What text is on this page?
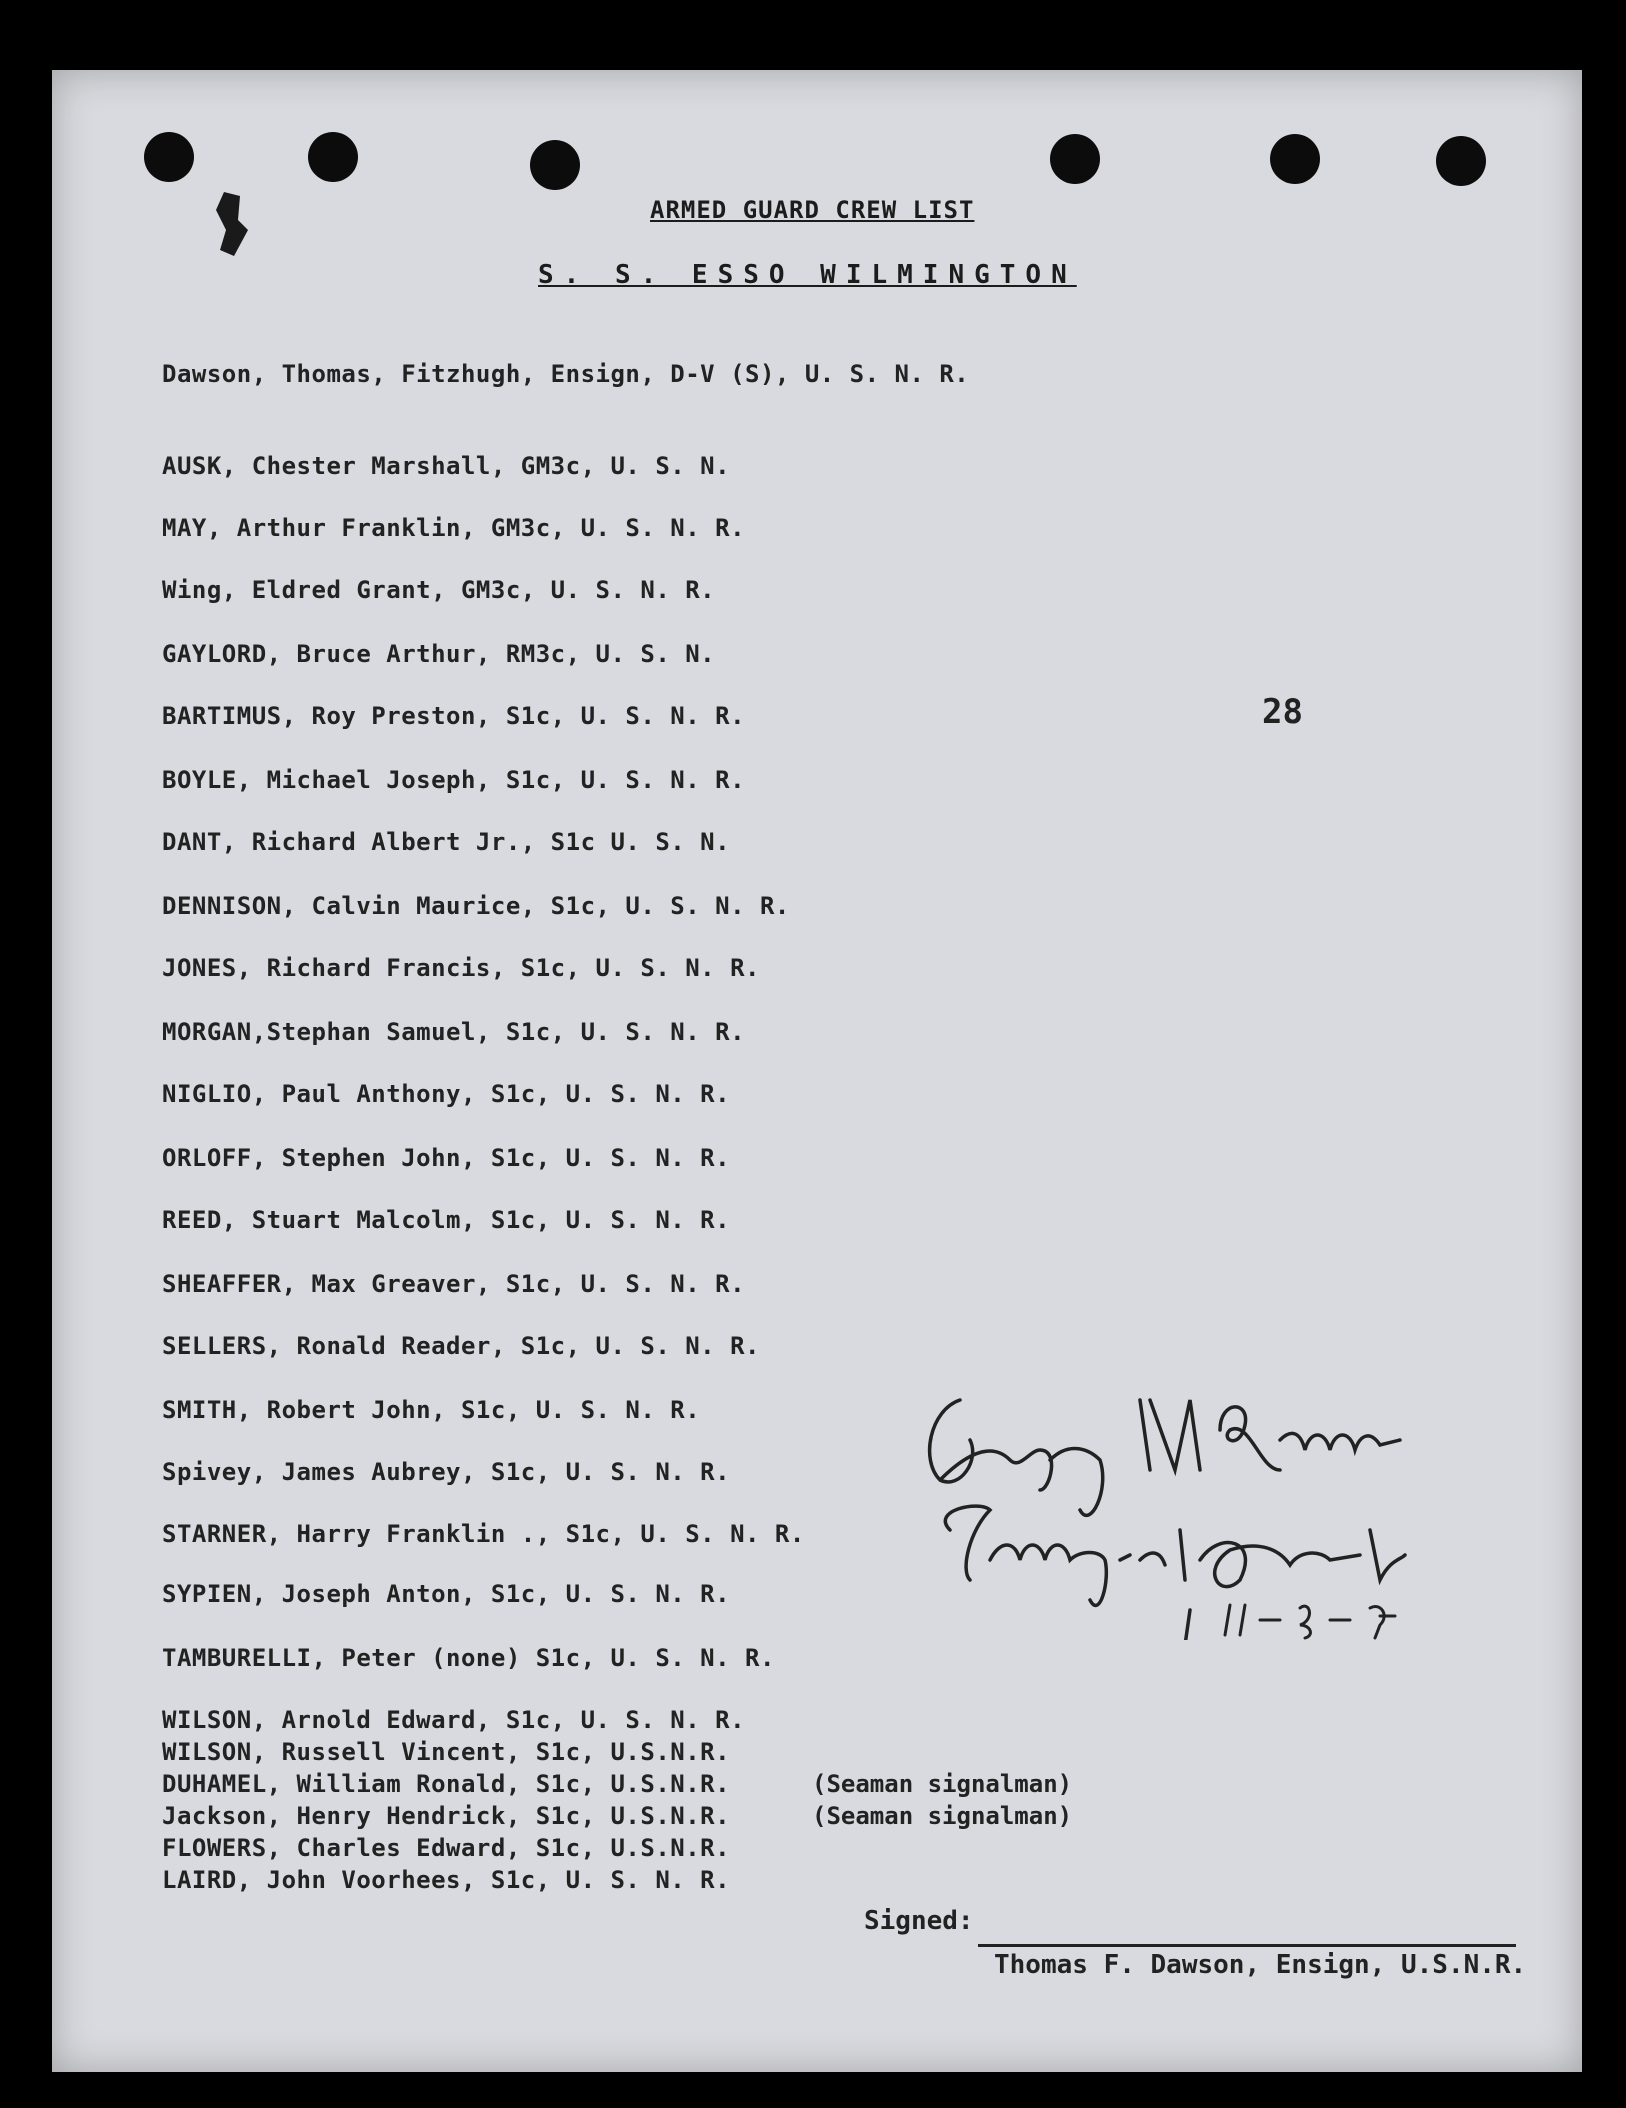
ARMED GUARD CREW LIST
S. S. ESSO WILMINGTON
Dawson, Thomas, Fitzhugh, Ensign, D-V (S), U. S. N. R.
AUSK, Chester Marshall, GM3c, U. S. N.
MAY, Arthur Franklin, GM3c, U. S. N. R.
Wing, Eldred Grant, GM3c, U. S. N. R.
GAYLORD, Bruce Arthur, RM3c, U. S. N.
BARTIMUS, Roy Preston, S1c, U. S. N. R.
BOYLE, Michael Joseph, S1c, U. S. N. R.
DANT, Richard Albert Jr., S1c U. S. N.
DENNISON, Calvin Maurice, S1c, U. S. N. R.
JONES, Richard Francis, S1c, U. S. N. R.
MORGAN,Stephan Samuel, S1c, U. S. N. R.
NIGLIO, Paul Anthony, S1c, U. S. N. R.
ORLOFF, Stephen John, S1c, U. S. N. R.
REED, Stuart Malcolm, S1c, U. S. N. R.
SHEAFFER, Max Greaver, S1c, U. S. N. R.
SELLERS, Ronald Reader, S1c, U. S. N. R.
SMITH, Robert John, S1c, U. S. N. R.
Spivey, James Aubrey, S1c, U. S. N. R.
STARNER, Harry Franklin ., S1c, U. S. N. R.
SYPIEN, Joseph Anton, S1c, U. S. N. R.
TAMBURELLI, Peter (none) S1c, U. S. N. R.
WILSON, Arnold Edward, S1c, U. S. N. R.
WILSON, Russell Vincent, S1c, U.S.N.R.
DUHAMEL, William Ronald, S1c, U.S.N.R.	(Seaman signalman)
Jackson, Henry Hendrick, S1c, U.S.N.R.	(Seaman signalman)
FLOWERS, Charles Edward, S1c, U.S.N.R.
LAIRD, John Voorhees, S1c, U. S. N. R.
28
Signed:
Thomas F. Dawson, Ensign, U.S.N.R.
